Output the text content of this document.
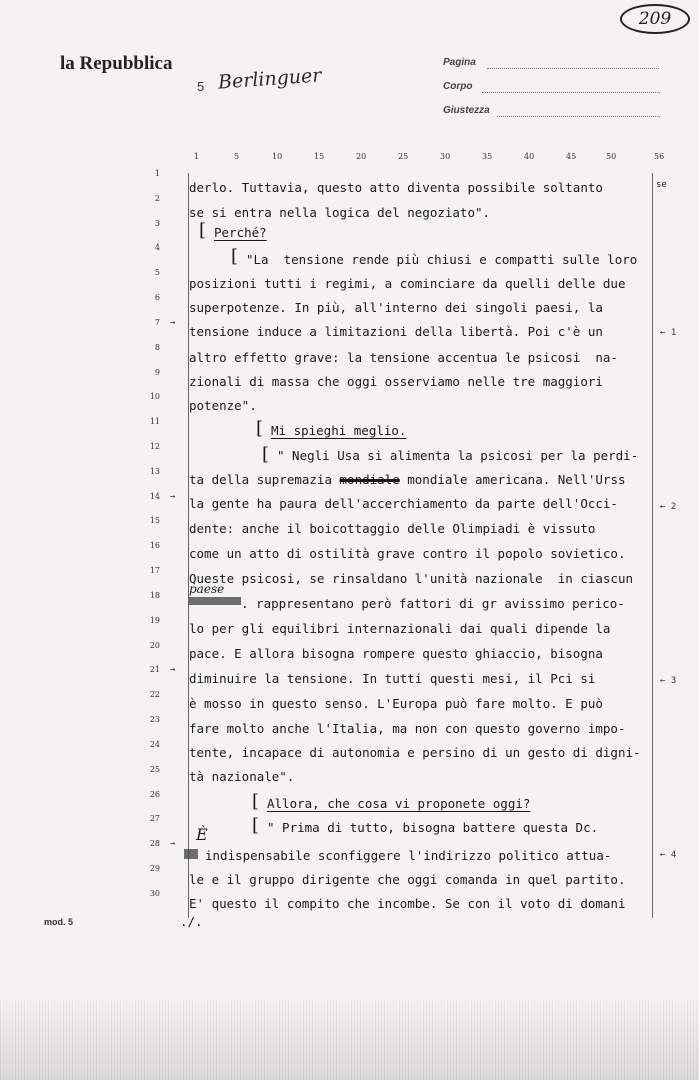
la Repubblica
5 Berlinguer
209
Pagina
Corpo
Giustezza
1	5	10	15	20	25	30	35	40	45	50	56
1
2
3
4
5
6
7
8
9
10
11
12
13
14
15
16
17
18
19
20
21
22
23
24
25
26
27
28
29
30
→
→
→
→
← 1
← 2
← 3
← 4
derlo. Tuttavia, questo atto diventa possibile soltanto	se
se si entra nella logica del negoziato".
[ Perché?
[ "La  tensione rende più chiusi e compatti sulle loro
posizioni tutti i regimi, a cominciare da quelli delle due
superpotenze. In più, all'interno dei singoli paesi, la
tensione induce a limitazioni della libertà. Poi c'è un
altro effetto grave: la tensione accentua le psicosi  na-
zionali di massa che oggi osserviamo nelle tre maggiori
potenze".
[ Mi spieghi meglio.
[ " Negli Usa si alimenta la psicosi per la perdi-
ta della supremazia mondiale mondiale americana. Nell'Urss
la gente ha paura dell'accerchiamento da parte dell'Occi-
dente: anche il boicottaggio delle Olimpiadi è vissuto
come un atto di ostilità grave contro il popolo sovietico.
Queste psicosi, se rinsaldano l'unità nazionale  in ciascun
paese
. rappresentano però fattori di gr avissimo perico-
lo per gli equilibri internazionali dai quali dipende la
pace. E allora bisogna rompere questo ghiaccio, bisogna
diminuire la tensione. In tutti questi mesi, il Pci si
è mosso in questo senso. L'Europa può fare molto. E può
fare molto anche l'Italia, ma non con questo governo impo-
tente, incapace di autonomia e persino di un gesto di digni-
tà nazionale".
[ Allora, che cosa vi proponete oggi?
[ " Prima di tutto, bisogna battere questa Dc.
È
indispensabile sconfiggere l'indirizzo politico attua-
le e il gruppo dirigente che oggi comanda in quel partito.
E' questo il compito che incombe. Se con il voto di domani
./.
mod. 5
